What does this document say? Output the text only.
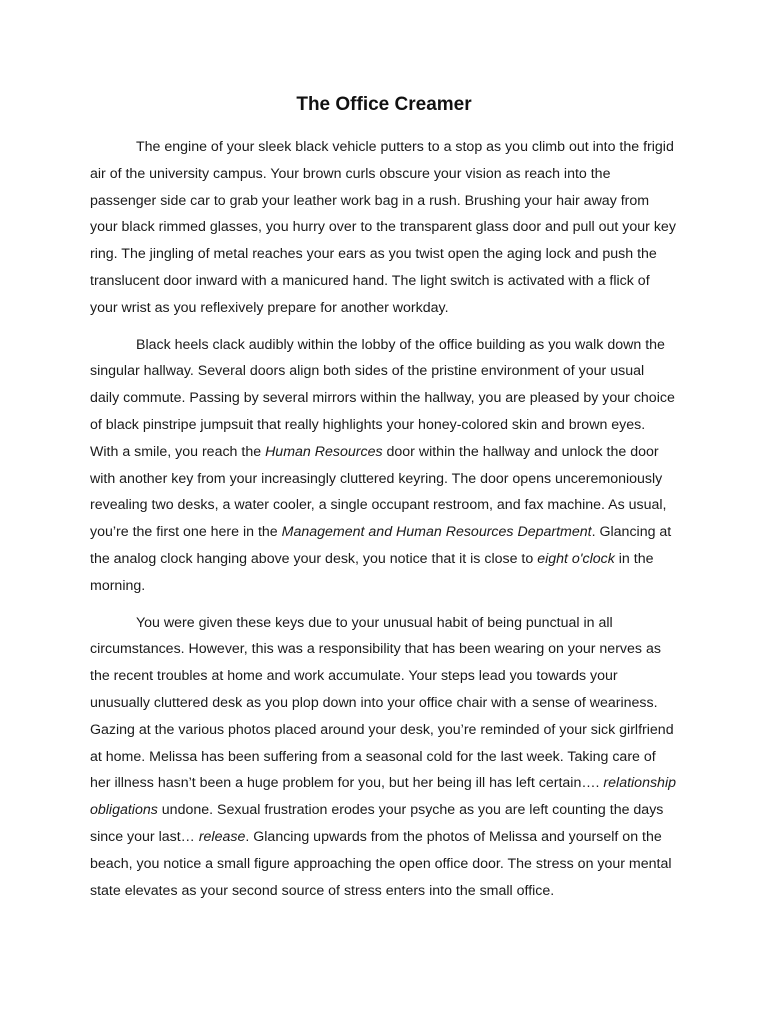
The Office Creamer

The engine of your sleek black vehicle putters to a stop as you climb out into the frigid air of the university campus. Your brown curls obscure your vision as reach into the passenger side car to grab your leather work bag in a rush. Brushing your hair away from your black rimmed glasses, you hurry over to the transparent glass door and pull out your key ring. The jingling of metal reaches your ears as you twist open the aging lock and push the translucent door inward with a manicured hand. The light switch is activated with a flick of your wrist as you reflexively prepare for another workday.

Black heels clack audibly within the lobby of the office building as you walk down the singular hallway. Several doors align both sides of the pristine environment of your usual daily commute. Passing by several mirrors within the hallway, you are pleased by your choice of black pinstripe jumpsuit that really highlights your honey-colored skin and brown eyes. With a smile, you reach the Human Resources door within the hallway and unlock the door with another key from your increasingly cluttered keyring. The door opens unceremoniously revealing two desks, a water cooler, a single occupant restroom, and fax machine. As usual, you’re the first one here in the Management and Human Resources Department. Glancing at the analog clock hanging above your desk, you notice that it is close to eight o'clock in the morning.

You were given these keys due to your unusual habit of being punctual in all circumstances. However, this was a responsibility that has been wearing on your nerves as the recent troubles at home and work accumulate. Your steps lead you towards your unusually cluttered desk as you plop down into your office chair with a sense of weariness. Gazing at the various photos placed around your desk, you’re reminded of your sick girlfriend at home. Melissa has been suffering from a seasonal cold for the last week. Taking care of her illness hasn’t been a huge problem for you, but her being ill has left certain…. relationship obligations undone. Sexual frustration erodes your psyche as you are left counting the days since your last… release. Glancing upwards from the photos of Melissa and yourself on the beach, you notice a small figure approaching the open office door. The stress on your mental state elevates as your second source of stress enters into the small office.
